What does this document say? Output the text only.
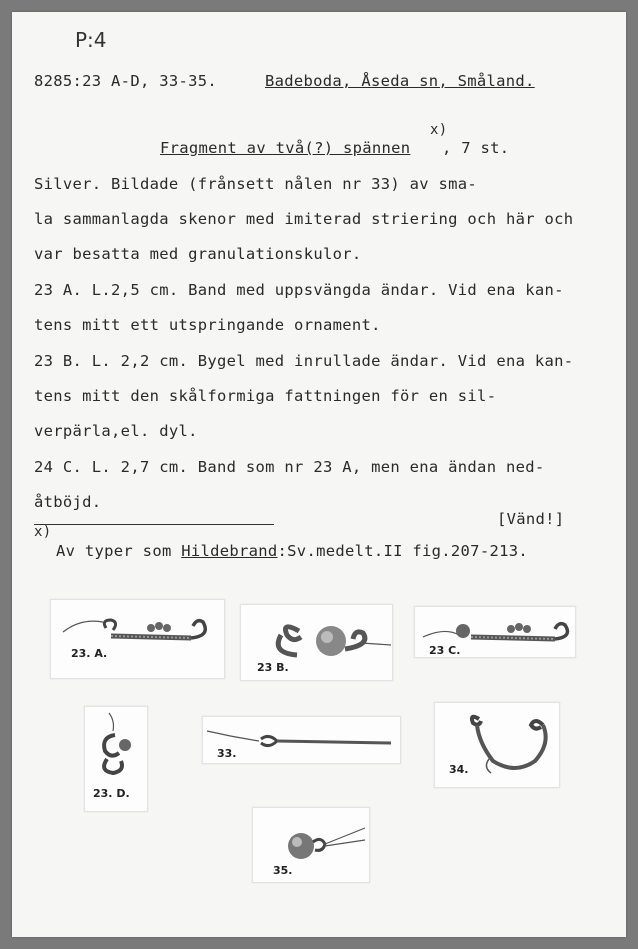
P:4
8285:23 A-D, 33-35.	Badeboda, Åseda sn, Småland.
x)
Fragment av två(?) spännen , 7 st.
Silver. Bildade (frånsett nålen nr 33) av sma-
la sammanlagda skenor med imiterad striering och här och
var besatta med granulationskulor.
23 A. L.2,5 cm. Band med uppsvängda ändar. Vid ena kan-
tens mitt ett utspringande ornament.
23 B. L. 2,2 cm. Bygel med inrullade ändar. Vid ena kan-
tens mitt den skålformiga fattningen för en sil-
verpärla,el. dyl.
24 C. L. 2,7 cm. Band som nr 23 A, men ena ändan ned-
åtböjd.
[Vänd!]
x)
Av typer som Hildebrand:Sv.medelt.II fig.207-213.
23. A.
23 B.
23 C.
23. D.
33.
34.
35.
